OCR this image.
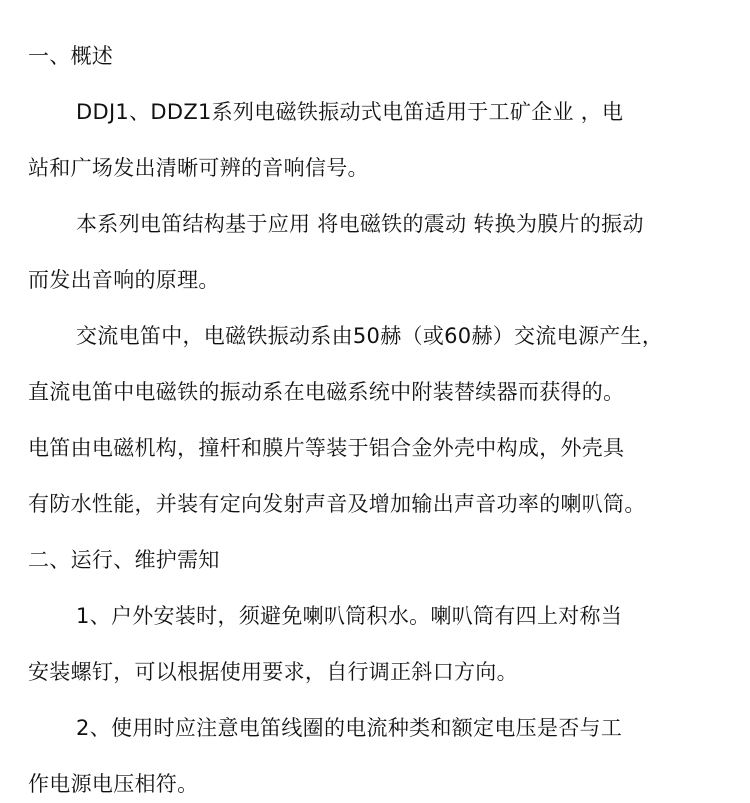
一、概述
DDJ1、DDZ1系列电磁铁振动式电笛适用于工矿企业 ，电
站和广场发出清晰可辨的音响信号。
本系列电笛结构基于应用 将电磁铁的震动 转换为膜片的振动
而发出音响的原理。
交流电笛中，电磁铁振动系由50赫（或60赫）交流电源产生，
直流电笛中电磁铁的振动系在电磁系统中附装替续器而获得的。
电笛由电磁机构，撞杆和膜片等装于铝合金外壳中构成，外壳具
有防水性能，并装有定向发射声音及增加输出声音功率的喇叭筒。
二、运行、维护需知
1、户外安装时，须避免喇叭筒积水。喇叭筒有四上对称当
安装螺钉，可以根据使用要求，自行调正斜口方向。
2、使用时应注意电笛线圈的电流种类和额定电压是否与工
作电源电压相符。
